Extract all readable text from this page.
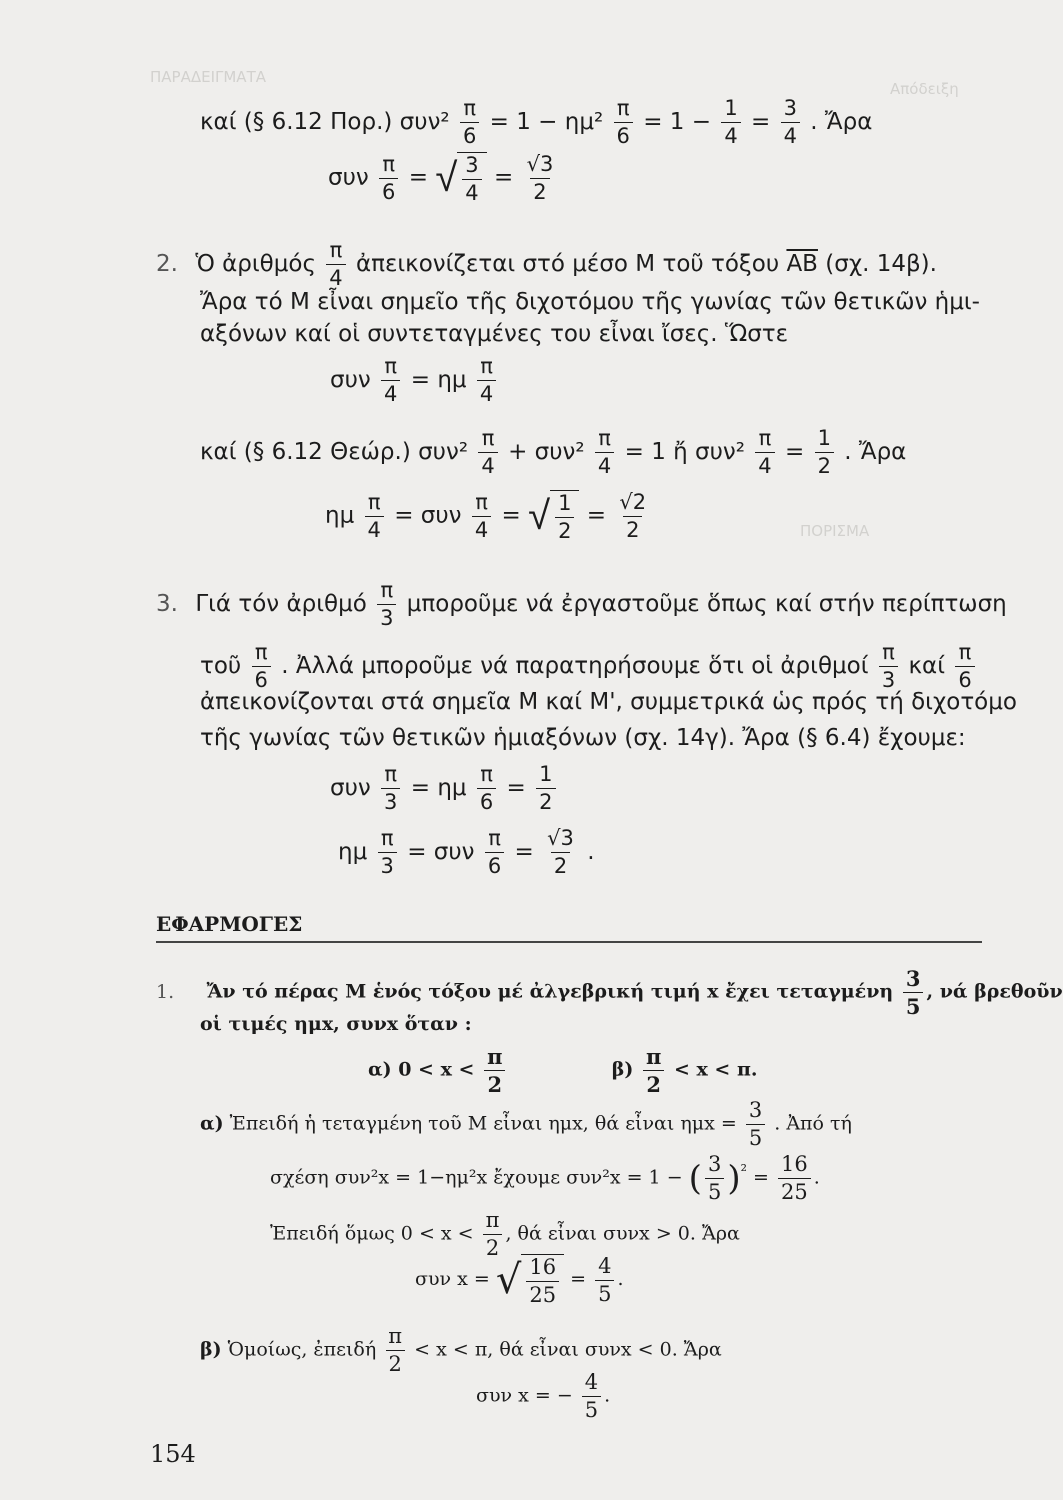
ΠΑΡΑΔΕΙΓΜΑΤΑ
Απόδειξη
ΠΟΡΙΣΜΑ
καί (§ 6.12 Πορ.) $\sigma\upsilon\nu^2 \frac{\pi}{6} = 1 - \eta\mu^2 \frac{\pi}{6} = 1 - \frac{1}{4} = \frac{3}{4}$ . Ἄρα
συν $\frac{\pi}{6}$ = √ $\frac{3}{4} = \frac{√3}{2}$
2. Ὁ ἀριθμός $\frac{\pi}{4}$ ἀπεικονίζεται στό μέσο Μ τοῦ τόξου $\overline{AB}$ (σχ. 14β).
Ἄρα τό Μ εἶναι σημεῖο τῆς διχοτόμου τῆς γωνίας τῶν θετικῶν ἡμι-
αξόνων καί οἱ συντεταγμένες του εἶναι ἴσες. Ὥστε
συν $\frac{\pi}{4} = \eta\mu \frac{\pi}{4}$
καί (§ 6.12 Θεώρ.) $\sigma\upsilon\nu^2 \frac{\pi}{4} + \sigma\upsilon\nu^2 \frac{\pi}{4} = 1$ ἤ $\sigma\upsilon\nu^2 \frac{\pi}{4} = \frac{1}{2}$ . Ἄρα
ημ $\frac{\pi}{4} = \sigma\upsilon\nu \frac{\pi}{4}$ = √ $\frac{1}{2} = \frac{√2}{2}$
3. Γιά τόν ἀριθμό $\frac{\pi}{3}$ μποροῦμε νά ἐργαστοῦμε ὅπως καί στήν περίπτωση
τοῦ $\frac{\pi}{6}$ . Ἀλλά μποροῦμε νά παρατηρήσουμε ὅτι οἱ ἀριθμοί $\frac{\pi}{3}$ καί $\frac{\pi}{6}$
ἀπεικονίζονται στά σημεῖα Μ καί Μ', συμμετρικά ὡς πρός τή διχοτόμο
τῆς γωνίας τῶν θετικῶν ἡμιαξόνων (σχ. 14γ). Ἄρα (§ 6.4) ἔχουμε:
συν $\frac{\pi}{3} = \eta\mu \frac{\pi}{6} = \frac{1}{2}$
ημ $\frac{\pi}{3} = \sigma\upsilon\nu \frac{\pi}{6} = \frac{√3}{2}$ .
ΕΦΑΡΜΟΓΕΣ
1. Ἄν τό πέρας Μ ἑνός τόξου μέ ἀλγεβρική τιμή x ἔχει τεταγμένη $\frac{3}{5}$ , νά βρεθοῦν
οἱ τιμές ημx, συνx ὅταν :
α) $0 < x < \frac{\pi}{2}$	$\beta) \frac{\pi}{2} < x < \pi$.
α) Ἐπειδή ἡ τεταγμένη τοῦ Μ εἶναι ημx, θά εἶναι $\eta\mu x = \frac{3}{5}$ . Ἀπό τή
σχέση συν²x = 1−ημ²x ἔχουμε συν²x = 1 − ( $\frac{3}{5} )^{^2} = \frac{16}{25}$ .
Ἐπειδή ὅμως $0 < x < \frac{\pi}{2}$ , θά εἶναι συνx > 0. Ἄρα
συν x = √ $\frac{16}{25} = \frac{4}{5}$ .
β) Ὁμοίως, ἐπειδή $\frac{\pi}{2} < x < \pi$, θά εἶναι συνx < 0. Ἄρα
συν x = − $\frac{4}{5}$ .
154
